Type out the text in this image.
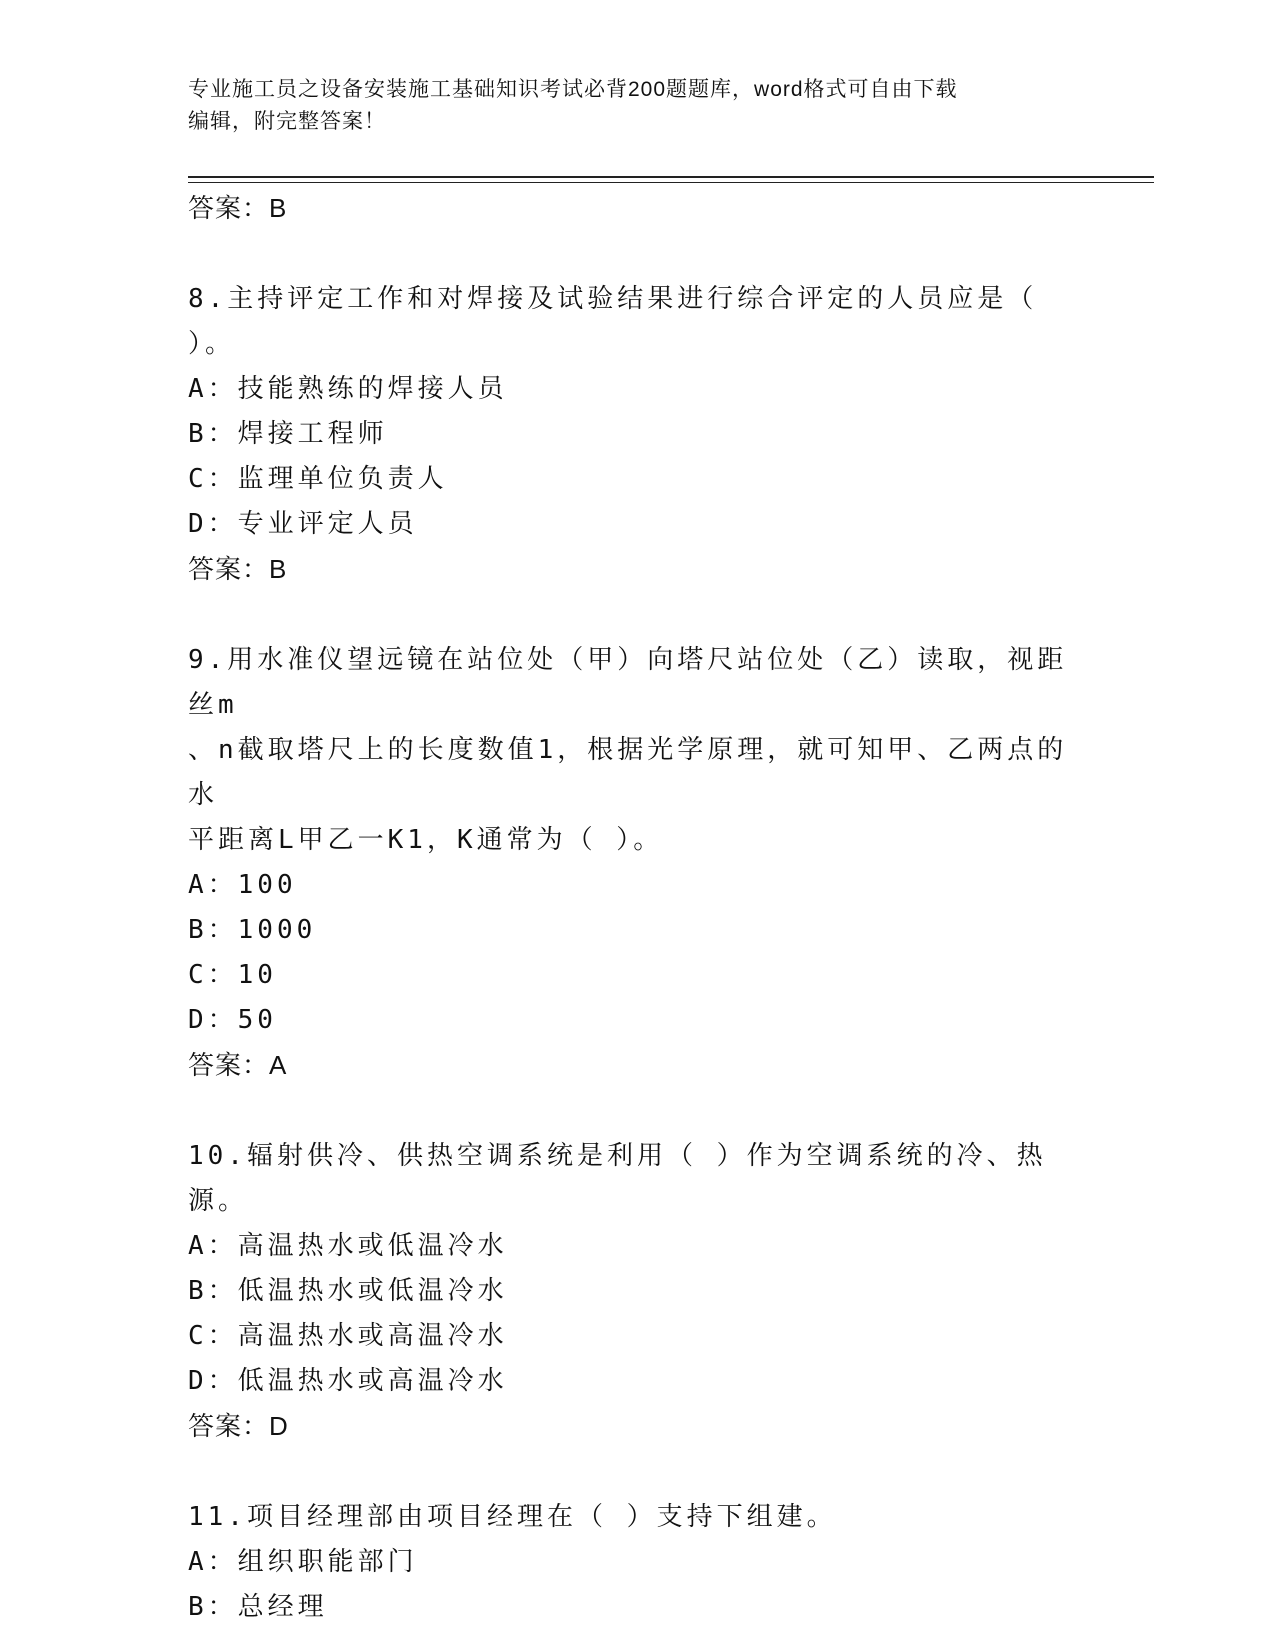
专业施工员之设备安装施工基础知识考试必背200题题库，word格式可自由下载
编辑，附完整答案！
答案：B
8.主持评定工作和对焊接及试验结果进行综合评定的人员应是（ ）。
A：技能熟练的焊接人员
B：焊接工程师
C：监理单位负责人
D：专业评定人员
答案：B
9.用水准仪望远镜在站位处（甲）向塔尺站位处（乙）读取，视距丝m
、n截取塔尺上的长度数值1，根据光学原理，就可知甲、乙两点的水
平距离L甲乙一K1，K通常为（ ）。
A：100
B：1000
C：10
D：50
答案：A
10.辐射供冷、供热空调系统是利用（ ）作为空调系统的冷、热源。
A：高温热水或低温冷水
B：低温热水或低温冷水
C：高温热水或高温冷水
D：低温热水或高温冷水
答案：D
11.项目经理部由项目经理在（ ）支持下组建。
A：组织职能部门
B：总经理
